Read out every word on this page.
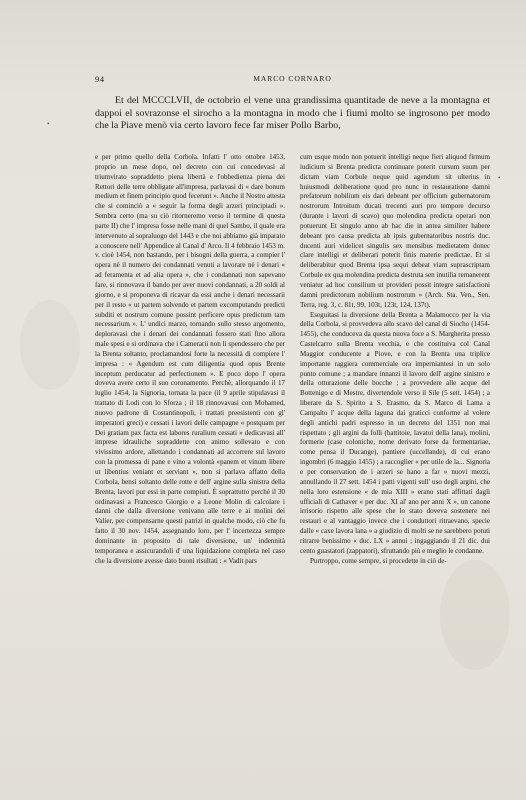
94	MARCO CORNARO

Et del MCCCLVII, de octobrio el vene una grandissima quantitade de neve a la montagna et dappoi el sovrazonse el sirocho a la montagna in modo che i fiumi molto se ingrosono per modo che la Piave menò via certo lavoro fece far miser Pollo Barbo,

•
•

e per primo quello della Corbola. Infatti l' otto ottobre 1453, proprio un mese dopo, nel decreto con cui concedevasi al triumvirato sopraddetto piena libertà e l'obbedienza piena dei Rettori delle terre obbligate all'impresa, parlavasi di « dare bonum medium et finem principio quod fecerunt ». Anche il Nostro attesta che si cominciò a « seguir la forma degli arzeri principiadi ». Sembra certo (ma su ciò ritorneremo verso il termine di questa parte II) che l' impresa fosse nelle mani di quel Sambo, il quale era intervenuto al sopraluogo del 1443 e che noi abbiamo già imparato a conoscere nell' Appendice al Canal d' Arco. Il 4 febbraio 1453 m. v. cioè 1454, non bastando, per i bisogni della guerra, a compier l' opera nè il numero dei condannati venuti a lavorare nè i denari « ad feramenta et ad alia opera », che i condannati non sapevano fare, si rinnovava il bando per aver nuovi condannati, a 20 soldi al giorno, e si proponeva di ricavar da essi anche i denari necessarii per il resto « ut partem solvendo et partem excomputando predicti subditi et nostrum comune possint perficere opus predictum tam necessarium ». L' undici marzo, tornando sullo stesso argomento, deploravasi che i denari dei condannati fossero stati fino allora male spesi e si ordinava che i Camerarii non li spendessero che per la Brenta soltanto, proclamandosi forte la necessità di compiere l' impresa : « Agendum est cum diligentia quod opus Brente inceptum perducatur ad perfectionem ». E poco dopo l' opera doveva avere certo il suo coronamento. Perchè, allorquando il 17 luglio 1454, la Signoria, tornata la pace (il 9 aprile stipulavasi il trattato di Lodi con lo Sforza ; il 18 rinnovavasi con Mohamed, nuovo padrone di Costantinopoli, i trattati preesistenti con gl' imperatori greci) e cessati i lavori delle campagne « postquam per Dei gratiam pax facta est labores ruralium cessati » dedicavasi all' imprese idrauliche sopraddette con animo sollevato e con vivissimo ardore, allettando i condannati ad accorrere sul lavoro con la promessa di pane e vino a volontà «panem et vinum libere ut libentius veniant et serviant », non si parlava affatto della Corbola, bensì soltanto delle rotte e dell' argine sulla sinistra della Brenta, lavori pur essi in parte compiuti. È soprattutto perchè il 30 ordinavasi a Francesco Giorgio e a Leone Molin di calcolare i danni che dalla diversione venivano alle terre e ai molini dei Valier, per compensarne questi patrizi in qualche modo, ciò che fu fatto il 30 nov. 1454, assegnando loro, per l' incertezza sempre dominante in proposito di tale diversione, un' indennità temporanea e assicurandoli d' una liquidazione completa nel caso che la diversione avesse dato buoni risultati : « Vadit pars

cum usque modo non potuerit intelligi neque fieri aliquod firmum iudicium si Brenta predicta continuare poterit cursum suum per dictam viam Corbule neque quid agendum sit ulterius in huiusmodi deliberatione quod pro nunc in restauratione damni prefatorum nobilium eis dari debeant per officium gubernatorum nostrorum Introitum ducati trecenti auri pro tempore decurso (durante i lavori di scavo) quo molendina predicta operari non potuerunt Et singulo anno ab hac die in antea similiter habere debeant pro causa predicta ab ipsis gubernatoribus nostris duc. ducenti auri videlicet singulis sex mensibus medietatem donec clare intelligi et deliberari poterit finis materie predictae. Et si deliberabitur quod Brenta ipsa sequi debeat viam suprascriptam Corbule ex qua molendina predicta destruta sen inutilia remanerent veniatur ad hoc consilium ut provideri possit integre satisfactioni damni predictorum nobilium nostrorum » (Arch. Sta. Ven., Sen. Terra, reg. 3, c. 81t, 99, 103t, 123t, 124, 137t).

Eseguitasi la diversione della Brenta a Malamocco per la via della Corbola, si provvedeva allo scavo del canal di Siocho (1454-1455), che conduceva da questa nuova foce a S. Margherita presso Castelcarro sulla Brenta vecchia, e che costituiva col Canal Maggior conducente a Piove, e con la Brenta una triplice importante raggiera commerciale ora imperniantesi in un solo punto comune ; a mandare innanzi il lavoro dell' argine sinistro e della otturazione delle bocche ; a provvedere alle acque del Bottenigo e di Mestre, divertendole verso il Sile (5 sett. 1454) ; a liberare da S. Spirito a S. Erasmo, da S. Marco di Lama a Campalto l' acque della laguna dai graticci conforme al volere degli antichi padri espresso in un decreto del 1351 non mai rispettato ; gli argini da folli (battitoie, lavatoi della lana), molini, formerie (case coloniche, nome derivato forse da formentariae, come pensa il Ducange), pantiere (uccellande), di cui erano ingombri (6 maggio 1455) ; a raccoglier « per utile de la... Signoria e per conservation de i arzeri se hano a far » nuovi mezzi, annullando il 27 sett. 1454 i patti vigenti sull' uso degli argini, che nella loro estensione « de mia XIII » erano stati affittati dagli ufficiali di Cathaver « per duc. XI al' ano per anni X », un canone irrisorio rispetto alle spese che lo stato doveva sostenere nei restauri e al vantaggio invece che i conduttori ritraevano, specie dalle « caxe lavora lana » a giudizio di molti se ne sarebbero potuti ritrarre benissimo « duc. LX » annui ; ingaggiando il 21 dic. dui cento guastatori (zappatori), sfruttando più e meglio le condanne.

Purtroppo, come sempre, si procedette in ciò de-
